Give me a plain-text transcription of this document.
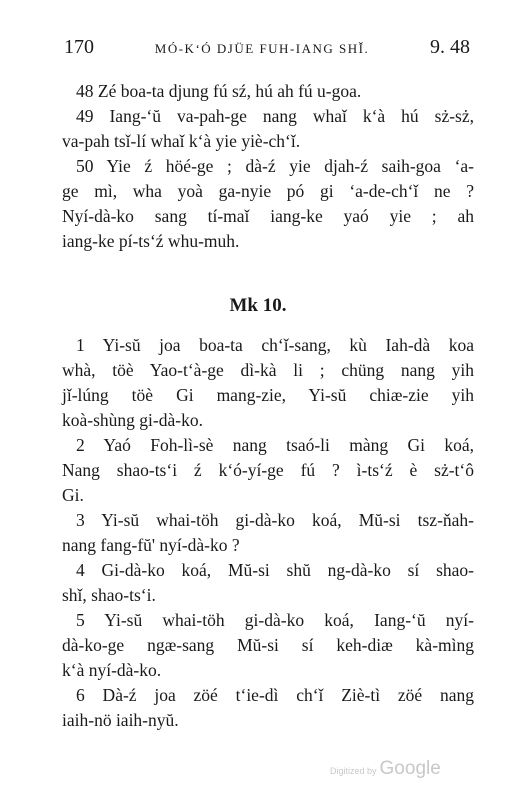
170	MÓ-K‘Ó DJÜE FUH-IANG SHǏ.	9. 48
48 Zé boa-ta djung fú sź, hú ah fú u-goa.
49 Iang-‘ŭ va-pah-ge nang whaǐ k‘à hú sż-sż,
va-pah tsǐ-lí whaǐ k‘à yie yiè-ch‘ǐ.
50 Yie ź höé-ge ; dà-ź yie djah-ź saih-goa ‘a-
ge mì, wha yoà ga-nyie pó gi ‘a-de-ch‘ǐ ne ?
Nyí-dà-ko sang tí-maǐ iang-ke yaó yie ; ah
iang-ke pí-ts‘ź whu-muh.
Mk 10.
1 Yi-sŭ joa boa-ta ch‘ǐ-sang, kù Iah-dà koa
whà, töè Yao-t‘à-ge dì-kà li ; chüng nang yih
jǐ-lúng töè Gi mang-zie, Yi-sŭ chiæ-zie yih
koà-shùng gi-dà-ko.
2 Yaó Foh-lì-sè nang tsaó-li màng Gi koá,
Nang shao-ts‘i ź k‘ó-yí-ge fú ? ì-ts‘ź è sż-t‘ô
Gi.
3 Yi-sŭ whai-töh gi-dà-ko koá, Mŭ-si tsz-ňah-
nang fang-fŭ' nyí-dà-ko ?
4 Gi-dà-ko koá, Mŭ-si shŭ ng-dà-ko sí shao-
shǐ, shao-ts‘i.
5 Yi-sŭ whai-töh gi-dà-ko koá, Iang-‘ŭ nyí-
dà-ko-ge ngæ-sang Mŭ-si sí keh-diæ kà-mìng
k‘à nyí-dà-ko.
6 Dà-ź joa zöé t‘ie-dì ch‘ǐ Ziè-tì zöé nang
iaih-nö iaih-nyŭ.
Digitized by Google
